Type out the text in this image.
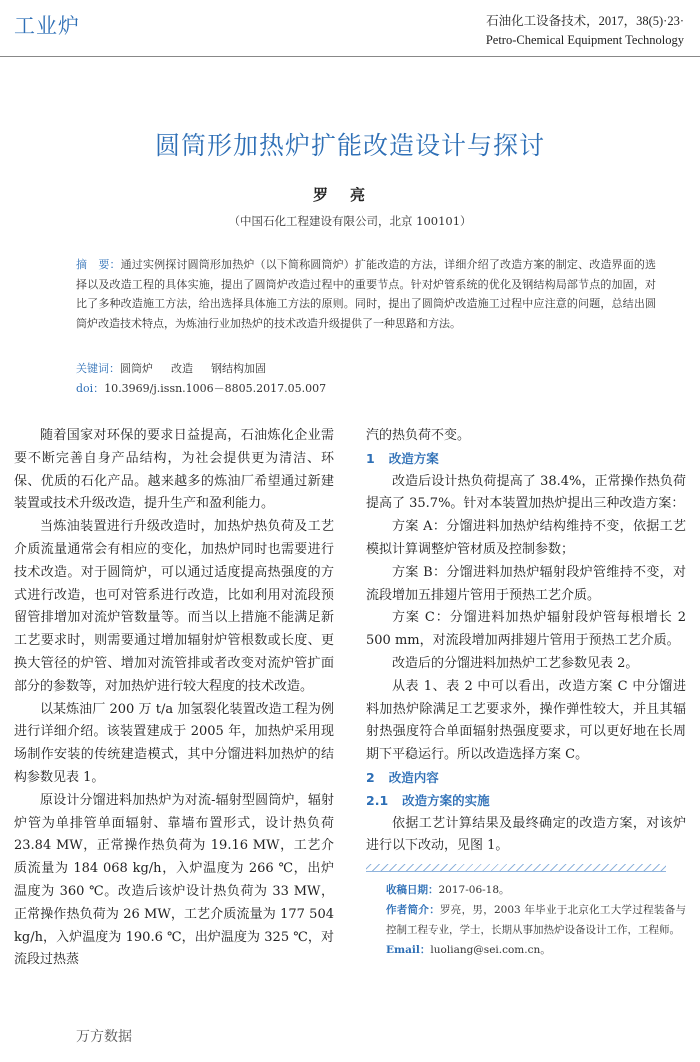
工业炉	石油化工设备技术，2017，38(5)·23·
Petro-Chemical Equipment Technology
圆筒形加热炉扩能改造设计与探讨
罗亮
（中国石化工程建设有限公司，北京 100101）
摘　要：通过实例探讨圆筒形加热炉（以下简称圆筒炉）扩能改造的方法，详细介绍了改造方案的制定、改造界面的选择以及改造工程的具体实施，提出了圆筒炉改造过程中的重要节点。针对炉管系统的优化及钢结构局部节点的加固，对比了多种改造施工方法，给出选择具体施工方法的原则。同时，提出了圆筒炉改造施工过程中应注意的问题，总结出圆筒炉改造技术特点，为炼油行业加热炉的技术改造升级提供了一种思路和方法。
关键词：圆筒炉 改造 钢结构加固
doi：10.3969/j.issn.1006－8805.2017.05.007

随着国家对环保的要求日益提高，石油炼化企业需要不断完善自身产品结构，为社会提供更为清洁、环保、优质的石化产品。越来越多的炼油厂希望通过新建装置或技术升级改造，提升生产和盈利能力。

当炼油装置进行升级改造时，加热炉热负荷及工艺介质流量通常会有相应的变化，加热炉同时也需要进行技术改造。对于圆筒炉，可以通过适度提高热强度的方式进行改造，也可对管系进行改造，比如利用对流段预留管排增加对流炉管数量等。而当以上措施不能满足新工艺要求时，则需要通过增加辐射炉管根数或长度、更换大管径的炉管、增加对流管排或者改变对流炉管扩面部分的参数等，对加热炉进行较大程度的技术改造。

以某炼油厂 200 万 t/a 加氢裂化装置改造工程为例进行详细介绍。该装置建成于 2005 年，加热炉采用现场制作安装的传统建造模式，其中分馏进料加热炉的结构参数见表 1。

原设计分馏进料加热炉为对流-辐射型圆筒炉，辐射炉管为单排管单面辐射、靠墙布置形式，设计热负荷 23.84 MW，正常操作热负荷为 19.16 MW，工艺介质流量为 184 068 kg/h，入炉温度为 266 ℃，出炉温度为 360 ℃。改造后该炉设计热负荷为 33 MW，正常操作热负荷为 26 MW，工艺介质流量为 177 504 kg/h，入炉温度为 190.6 ℃，出炉温度为 325 ℃，对流段过热蒸

汽的热负荷不变。

1 改造方案

改造后设计热负荷提高了 38.4%，正常操作热负荷提高了 35.7%。针对本装置加热炉提出三种改造方案：

方案 A：分馏进料加热炉结构维持不变，依据工艺模拟计算调整炉管材质及控制参数；

方案 B：分馏进料加热炉辐射段炉管维持不变，对流段增加五排翅片管用于预热工艺介质。

方案 C：分馏进料加热炉辐射段炉管每根增长 2 500 mm，对流段增加两排翅片管用于预热工艺介质。

改造后的分馏进料加热炉工艺参数见表 2。

从表 1、表 2 中可以看出，改造方案 C 中分馏进料加热炉除满足工艺要求外，操作弹性较大，并且其辐射热强度符合单面辐射热强度要求，可以更好地在长周期下平稳运行。所以改造选择方案 C。

2 改造内容
2.1 改造方案的实施

依据工艺计算结果及最终确定的改造方案，对该炉进行以下改动，见图 1。

收稿日期：2017-06-18。
作者简介：罗亮，男，2003 年毕业于北京化工大学过程装备与控制工程专业，学士，长期从事加热炉设备设计工作，工程师。
Email：luoliang@sei.com.cn。
万方数据
